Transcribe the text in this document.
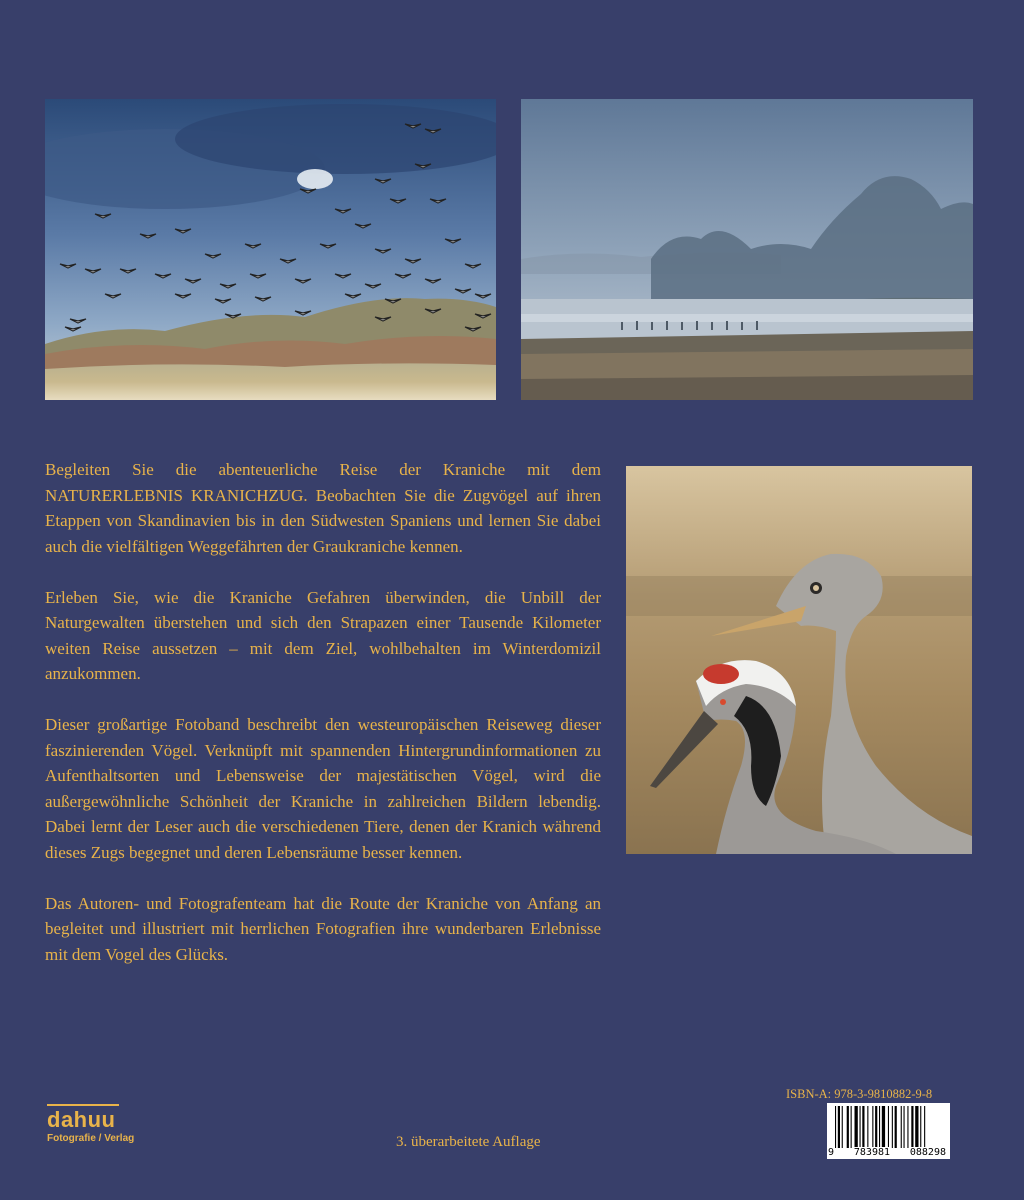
Begleiten Sie die abenteuerliche Reise der Kraniche mit dem NATURERLEBNIS KRANICHZUG. Beobachten Sie die Zugvögel auf ihren Etappen von Skandinavien bis in den Südwesten Spaniens und lernen Sie dabei auch die vielfältigen Weggefährten der Graukraniche kennen.

Erleben Sie, wie die Kraniche Gefahren überwinden, die Unbill der Naturgewalten überstehen und sich den Strapazen einer Tausende Kilometer weiten Reise aussetzen – mit dem Ziel, wohlbehalten im Winterdomizil anzukommen.

Dieser großartige Fotoband beschreibt den westeuropäischen Reiseweg dieser faszinierenden Vögel. Verknüpft mit spannenden Hintergrundinformationen zu Aufenthaltsorten und Lebensweise der majestätischen Vögel, wird die außergewöhnliche Schönheit der Kraniche in zahlreichen Bildern lebendig. Dabei lernt der Leser auch die verschiedenen Tiere, denen der Kranich während dieses Zugs begegnet und deren Lebensräume besser kennen.

Das Autoren- und Fotografenteam hat die Route der Kraniche von Anfang an begleitet und illustriert mit herrlichen Fotografien ihre wunderbaren Erlebnisse mit dem Vogel des Glücks.

dahuu
Fotografie / Verlag	3. überarbeitete Auflage
ISBN-A: 978-3-9810882-9-8
9 783981 088298
